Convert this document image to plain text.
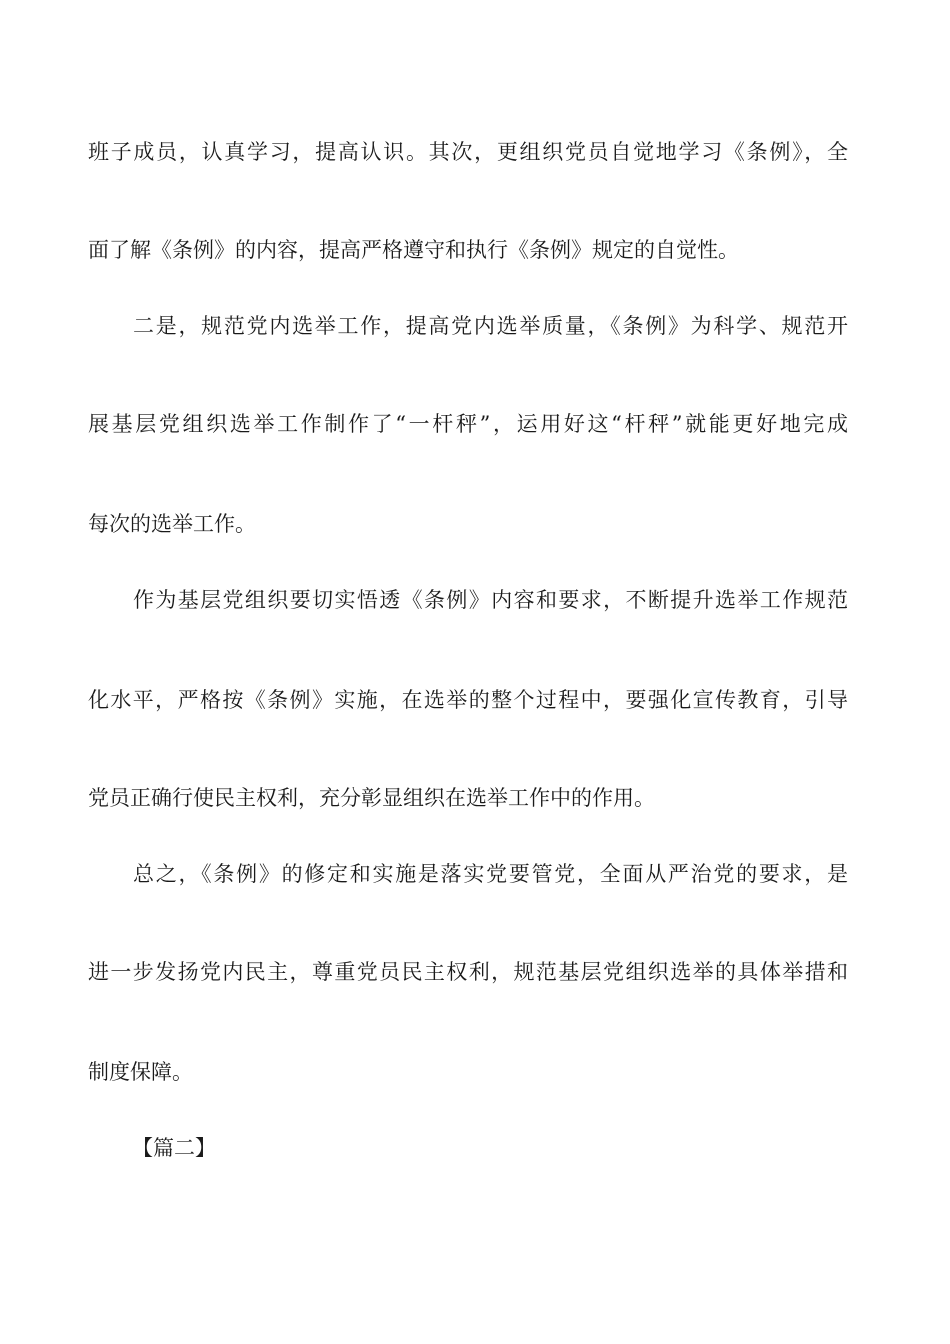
班子成员，认真学习，提高认识。其次，更组织党员自觉地学习《条例》，全

面了解《条例》的内容，提高严格遵守和执行《条例》规定的自觉性。

二是，规范党内选举工作，提高党内选举质量，《条例》为科学、规范开

展基层党组织选举工作制作了“一杆秤”，运用好这“杆秤”就能更好地完成

每次的选举工作。

作为基层党组织要切实悟透《条例》内容和要求，不断提升选举工作规范

化水平，严格按《条例》实施，在选举的整个过程中，要强化宣传教育，引导

党员正确行使民主权利，充分彰显组织在选举工作中的作用。

总之，《条例》的修定和实施是落实党要管党，全面从严治党的要求，是

进一步发扬党内民主，尊重党员民主权利，规范基层党组织选举的具体举措和

制度保障。

【篇二】
